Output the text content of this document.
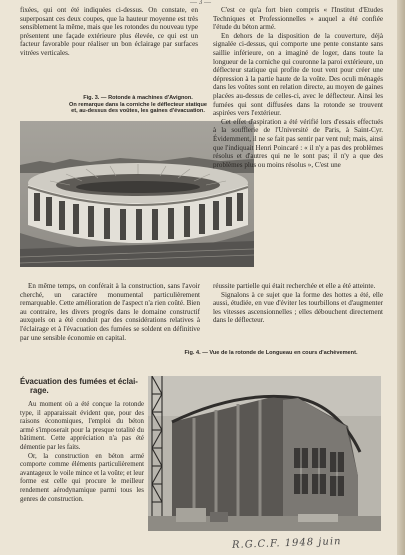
— 3 —

fixées, qui ont été indiquées ci-dessus. On constate, en superposant ces deux coupes, que la hauteur moyenne est très sensiblement la même, mais que les rotondes du nouveau type présentent une façade extérieure plus élevée, ce qui est un facteur favorable pour réaliser un bon éclairage par surfaces vitrées verticales.

Fig. 3. — Rotonde à machines d'Avignon.
On remarque dans la corniche le déflecteur statique
et, au-dessus des voûtes, les gaines d'évacuation.

C'est ce qu'a fort bien compris « l'Institut d'Etudes Techniques et Professionnelles » auquel a été confiée l'étude du béton armé.

En dehors de la disposition de la couverture, déjà signalée ci-dessus, qui comporte une pente constante sans saillie inférieure, on a imaginé de loger, dans toute la longueur de la corniche qui couronne la paroi extérieure, un déflecteur statique qui profite de tout vent pour créer une dépression à la partie haute de la voûte. Des oculi ménagés dans les voûtes sont en relation directe, au moyen de gaines placées au-dessus de celles-ci, avec le déflecteur. Ainsi les fumées qui sont diffusées dans la rotonde se trouvent aspirées vers l'extérieur.

Cet effet d'aspiration a été vérifié lors d'essais effectués à la soufflerie de l'Université de Paris, à Saint-Cyr. Évidemment, il ne se fait pas sentir par vent nul; mais, ainsi que l'indiquait Henri Poincaré : « il n'y a pas des problèmes résolus et d'autres qui ne le sont pas; il n'y a que des problèmes plus ou moins résolus », C'est une

En même temps, on conférait à la construction, sans l'avoir cherché, un caractère monumental particulièrement remarquable. Cette amélioration de l'aspect n'a rien coûté. Bien au contraire, les divers progrès dans le domaine constructif auxquels on a été conduit par des considérations relatives à l'éclairage et à l'évacuation des fumées se soldent en définitive par une sensible économie en capital.

réussite partielle qui était recherchée et elle a été atteinte.

Signalons à ce sujet que la forme des hottes a été, elle aussi, étudiée, en vue d'éviter les tourbillons et d'augmenter les vitesses ascensionnelles ; elles débouchent directement dans le déflecteur.

Fig. 4. — Vue de la rotonde de Longueau en cours d'achèvement.
Évacuation des fumées et éclai-
rage.

Au moment où a été conçue la rotonde type, il apparaissait évident que, pour des raisons économiques, l'emploi du béton armé s'imposerait pour la presque totalité du bâtiment. Cette appréciation n'a pas été démentie par les faits.

Or, la construction en béton armé comporte comme éléments particulièrement avantageux le voile mince et la voûte; et leur forme est celle qui procure le meilleur rendement aérodynamique parmi tous les genres de construction.

R.G.C.F. 1948 juin
